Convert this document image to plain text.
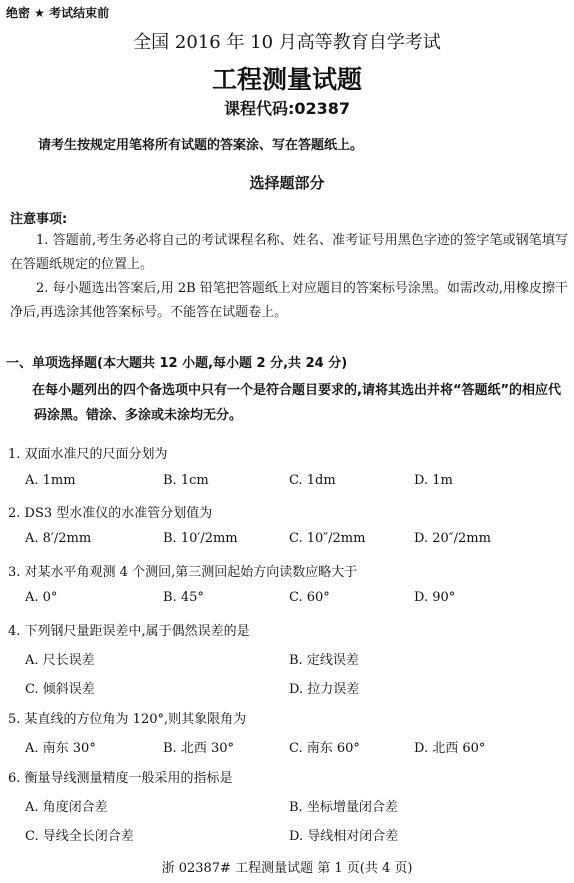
绝密 ★ 考试结束前
全国 2016 年 10 月高等教育自学考试
工程测量试题
课程代码:02387
请考生按规定用笔将所有试题的答案涂、写在答题纸上。
选择题部分
注意事项:
1. 答题前,考生务必将自己的考试课程名称、姓名、准考证号用黑色字迹的签字笔或钢笔填写在答题纸规定的位置上。
2. 每小题选出答案后,用 2B 铅笔把答题纸上对应题目的答案标号涂黑。如需改动,用橡皮擦干净后,再选涂其他答案标号。不能答在试题卷上。
一、单项选择题(本大题共 12 小题,每小题 2 分,共 24 分)
在每小题列出的四个备选项中只有一个是符合题目要求的,请将其选出并将“答题纸”的相应代码涂黑。错涂、多涂或未涂均无分。
1. 双面水准尺的尺面分划为
A. 1mm	B. 1cm	C. 1dm	D. 1m
2. DS3 型水准仪的水准管分划值为
A. 8′/2mm	B. 10′/2mm	C. 10″/2mm	D. 20″/2mm
3. 对某水平角观测 4 个测回,第三测回起始方向读数应略大于
A. 0°	B. 45°	C. 60°	D. 90°
4. 下列钢尺量距误差中,属于偶然误差的是
A. 尺长误差	B. 定线误差
C. 倾斜误差	D. 拉力误差
5. 某直线的方位角为 120°,则其象限角为
A. 南东 30°	B. 北西 30°	C. 南东 60°	D. 北西 60°
6. 衡量导线测量精度一般采用的指标是
A. 角度闭合差	B. 坐标增量闭合差
C. 导线全长闭合差	D. 导线相对闭合差
浙 02387# 工程测量试题 第 1 页(共 4 页)
